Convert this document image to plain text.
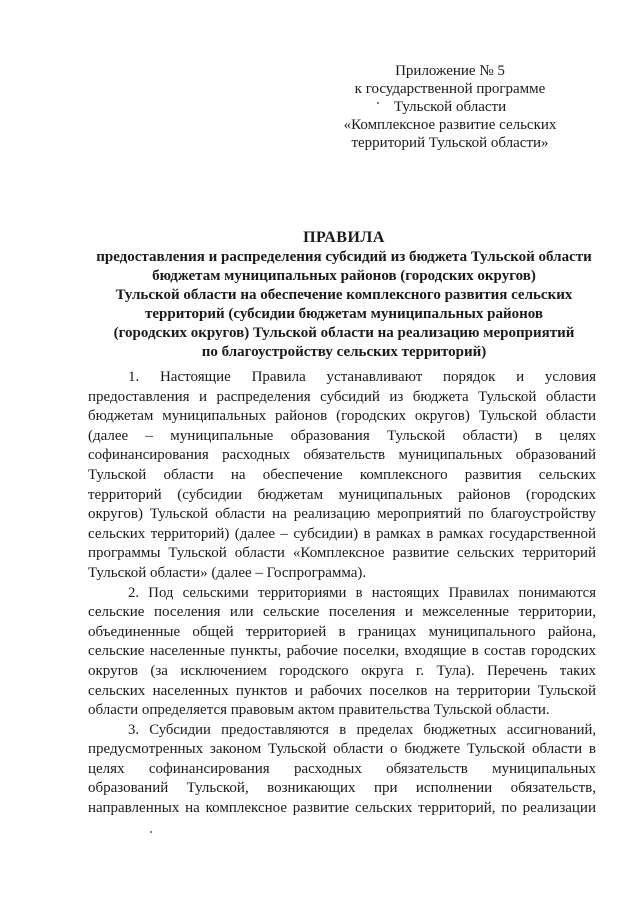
Приложение № 5
к государственной программе
Тульской области
«Комплексное развитие сельских
территорий Тульской области»
ПРАВИЛА
предоставления и распределения субсидий из бюджета Тульской области
бюджетам муниципальных районов (городских округов)
Тульской области на обеспечение комплексного развития сельских
территорий (субсидии бюджетам муниципальных районов
(городских округов) Тульской области на реализацию мероприятий
по благоустройству сельских территорий)
1. Настоящие Правила устанавливают порядок и условия
предоставления и распределения субсидий из бюджета Тульской области
бюджетам муниципальных районов (городских округов) Тульской области
(далее – муниципальные образования Тульской области) в целях
софинансирования расходных обязательств муниципальных образований
Тульской области на обеспечение комплексного развития сельских
территорий (субсидии бюджетам муниципальных районов (городских
округов) Тульской области на реализацию мероприятий по благоустройству
сельских территорий) (далее – субсидии) в рамках в рамках государственной
программы Тульской области «Комплексное развитие сельских территорий
Тульской области» (далее – Госпрограмма).
2. Под сельскими территориями в настоящих Правилах понимаются
сельские поселения или сельские поселения и межселенные территории,
объединенные общей территорией в границах муниципального района,
сельские населенные пункты, рабочие поселки, входящие в состав городских
округов (за исключением городского округа г. Тула). Перечень таких
сельских населенных пунктов и рабочих поселков на территории Тульской
области определяется правовым актом правительства Тульской области.
3. Субсидии предоставляются в пределах бюджетных ассигнований,
предусмотренных законом Тульской области о бюджете Тульской области в
целях софинансирования расходных обязательств муниципальных
образований Тульской, возникающих при исполнении обязательств,
направленных на комплексное развитие сельских территорий, по реализации
